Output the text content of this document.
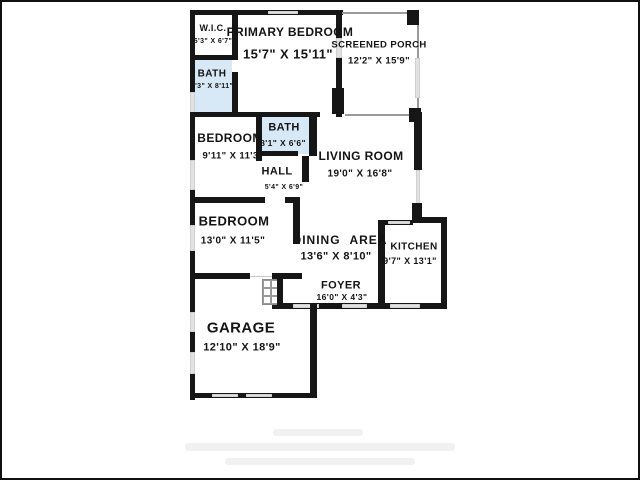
W.I.C.
6'3" X 6'7"
PRIMARY BEDROOM
15'7" X 15'11"
SCREENED PORCH
12'2" X 15'9"
BATH
6'3" X 8'11"
BEDROOM
9'11" X 11'3"
BATH
8'1" X 6'6"
LIVING ROOM
19'0" X 16'8"
HALL
5'4" X 6'9"
BEDROOM
13'0" X 11'5" DINING AREA
13'6" X 8'10"
KITCHEN
9'7" X 13'1"
FOYER
16'0" X 4'3"
GARAGE
12'10" X 18'9"
